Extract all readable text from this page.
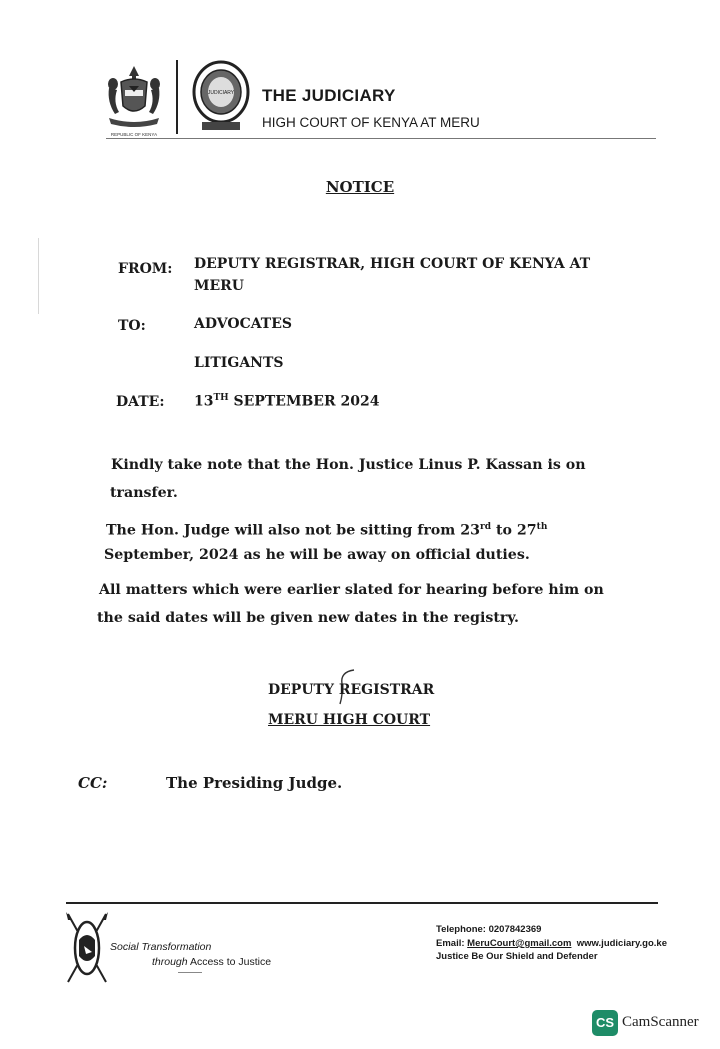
REPUBLIC OF KENYA
JUDICIARY THE JUDICIARY
HIGH COURT OF KENYA AT MERU
NOTICE
FROM: DEPUTY REGISTRAR, HIGH COURT OF KENYA AT
MERU
TO:	ADVOCATES
LITIGANTS
DATE: 13TH SEPTEMBER 2024
Kindly take note that the Hon. Justice Linus P. Kassan is on
transfer.
The Hon. Judge will also not be sitting from 23rd to 27th
September, 2024 as he will be away on official duties.
All matters which were earlier slated for hearing before him on
the said dates will be given new dates in the registry.
DEPUTY REGISTRAR
MERU HIGH COURT
CC:	The Presiding Judge.
Social Transformation
through Access to Justice
Telephone: 0207842369
Email: MeruCourt@gmail.com www.judiciary.go.ke
Justice Be Our Shield and Defender
CS CamScanner
